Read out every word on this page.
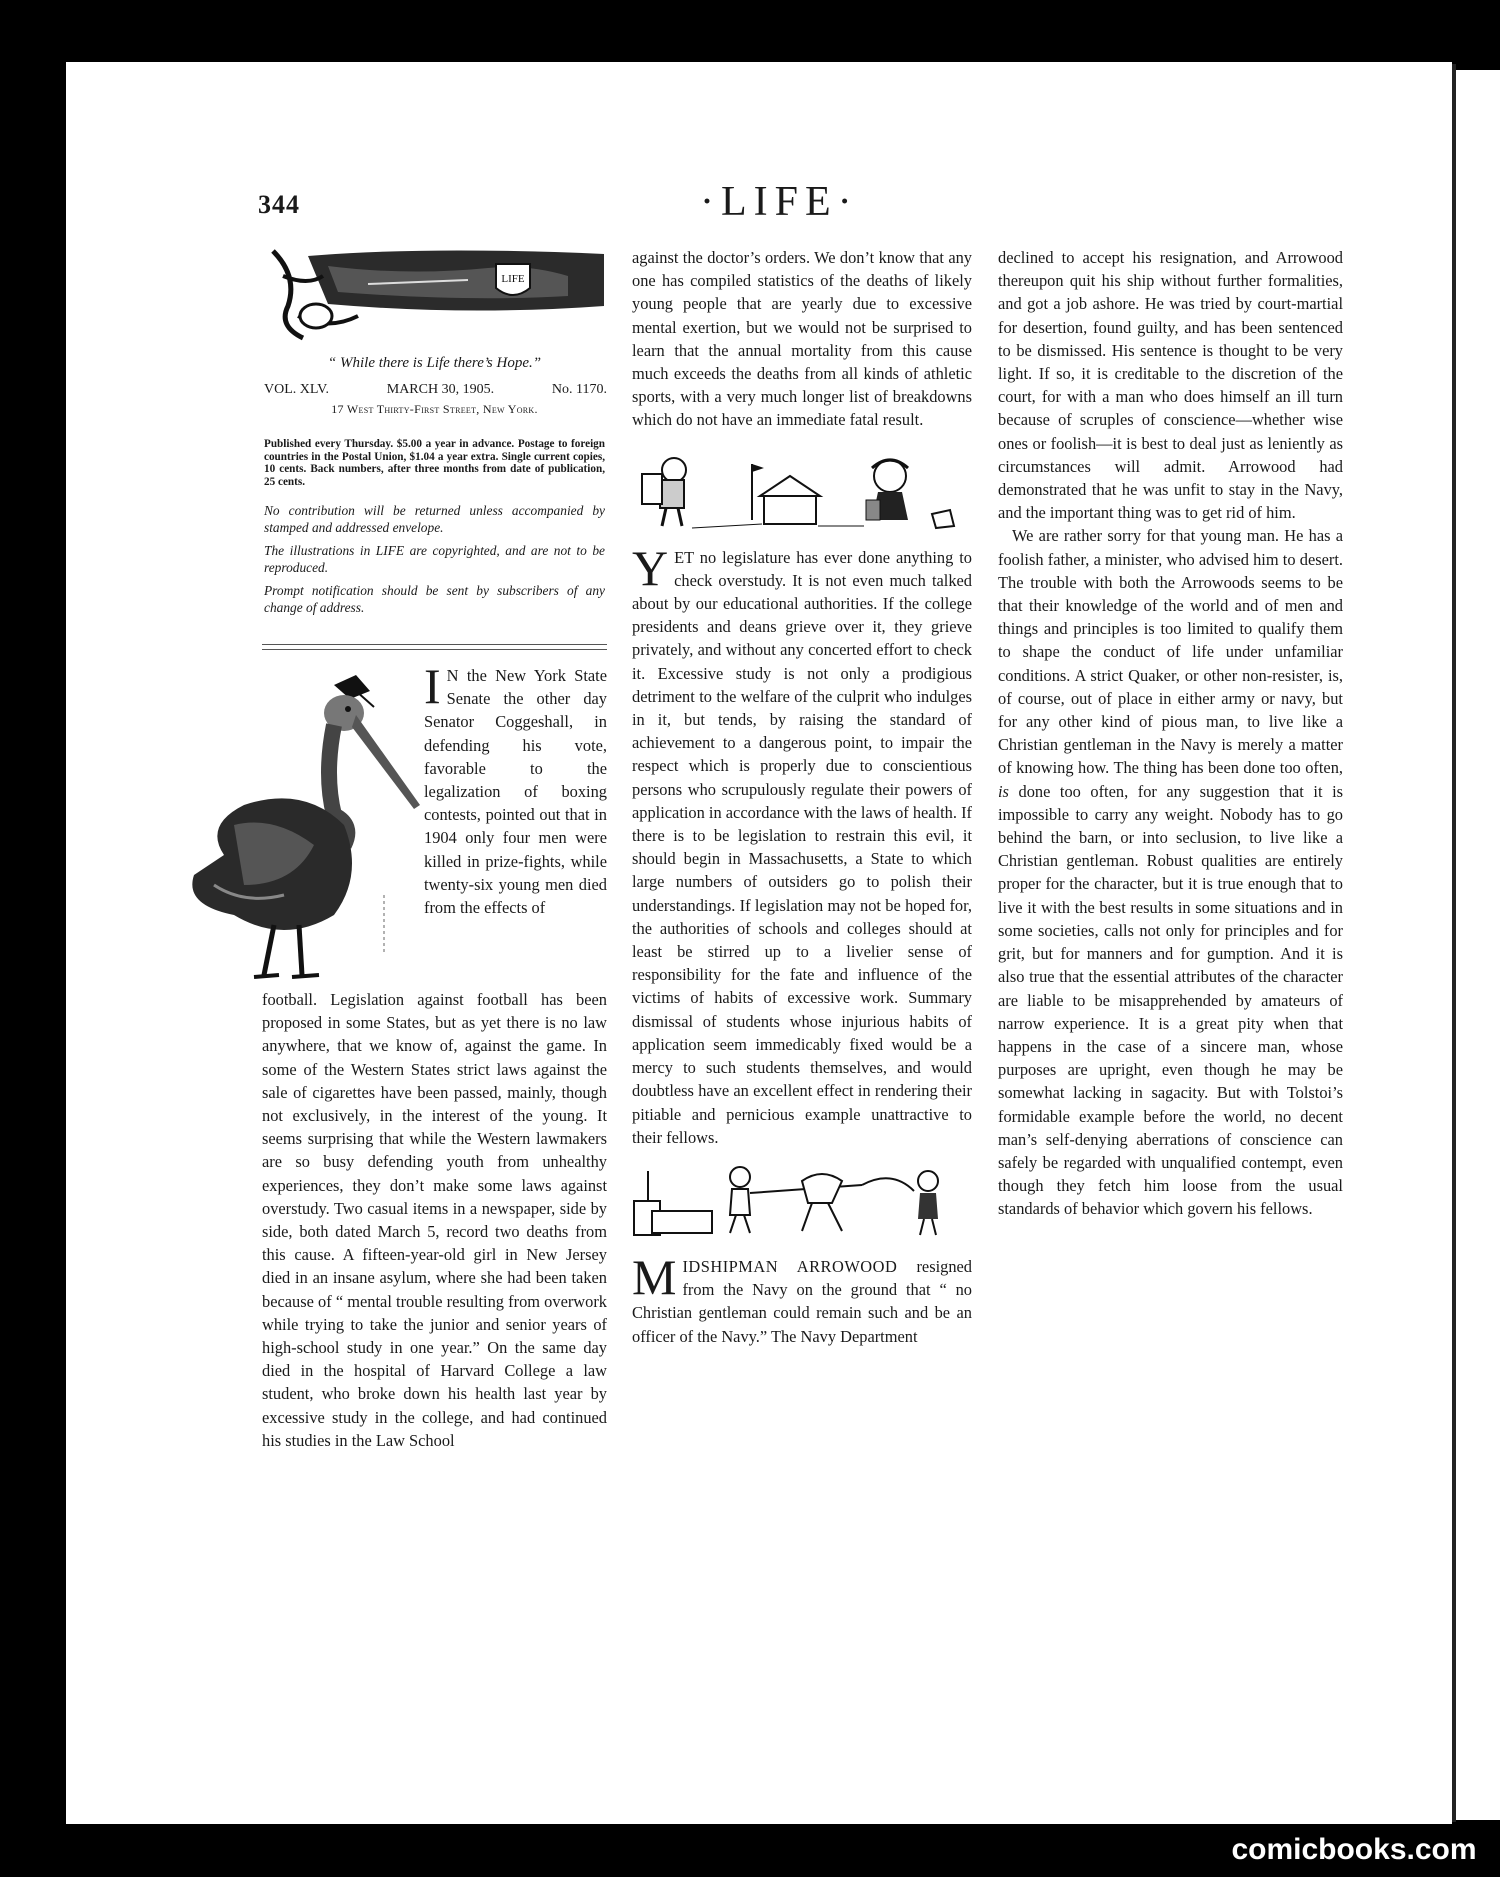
344	·LIFE·
LIFE
“ While there is Life there’s Hope.”
VOL. XLV.	MARCH 30, 1905.	No. 1170.
17 West Thirty-First Street, New York.
Published every Thursday. $5.00 a year in advance. Postage to foreign countries in the Postal Union, $1.04 a year extra. Single current copies, 10 cents. Back numbers, after three months from date of publication, 25 cents.

No contribution will be returned unless accompanied by stamped and addressed envelope.

The illustrations in LIFE are copyrighted, and are not to be reproduced.

Prompt notification should be sent by subscribers of any change of address.

I N the New York State Senate the other day Senator Coggeshall, in defending his vote, favorable to the legalization of boxing contests, pointed out that in 1904 only four men were killed in prize-fights, while twenty-six young men died from the effects of

football. Legislation against football has been proposed in some States, but as yet there is no law anywhere, that we know of, against the game. In some of the Western States strict laws against the sale of cigarettes have been passed, mainly, though not exclusively, in the interest of the young. It seems surprising that while the Western lawmakers are so busy defending youth from unhealthy experiences, they don’t make some laws against overstudy. Two casual items in a newspaper, side by side, both dated March 5, record two deaths from this cause. A fifteen-year-old girl in New Jersey died in an insane asylum, where she had been taken because of “ mental trouble resulting from overwork while trying to take the junior and senior years of high-school study in one year.” On the same day died in the hospital of Harvard College a law student, who broke down his health last year by excessive study in the college, and had continued his studies in the Law School

against the doctor’s orders. We don’t know that any one has compiled statistics of the deaths of likely young people that are yearly due to excessive mental exertion, but we would not be surprised to learn that the annual mortality from this cause much exceeds the deaths from all kinds of athletic sports, with a very much longer list of breakdowns which do not have an immediate fatal result.

YET no legislature has ever done anything to check overstudy. It is not even much talked about by our educational authorities. If the college presidents and deans grieve over it, they grieve privately, and without any concerted effort to check it. Excessive study is not only a prodigious detriment to the welfare of the culprit who indulges in it, but tends, by raising the standard of achievement to a dangerous point, to impair the respect which is properly due to conscientious persons who scrupulously regulate their powers of application in accordance with the laws of health. If there is to be legislation to restrain this evil, it should begin in Massachusetts, a State to which large numbers of outsiders go to polish their understandings. If legislation may not be hoped for, the authorities of schools and colleges should at least be stirred up to a livelier sense of responsibility for the fate and influence of the victims of habits of excessive work. Summary dismissal of students whose injurious habits of application seem immedicably fixed would be a mercy to such students themselves, and would doubtless have an excellent effect in rendering their pitiable and pernicious example unattractive to their fellows.

MIDSHIPMAN ARROWOOD resigned from the Navy on the ground that “ no Christian gentleman could remain such and be an officer of the Navy.” The Navy Department

declined to accept his resignation, and Arrowood thereupon quit his ship without further formalities, and got a job ashore. He was tried by court-martial for desertion, found guilty, and has been sentenced to be dismissed. His sentence is thought to be very light. If so, it is creditable to the discretion of the court, for with a man who does himself an ill turn because of scruples of conscience—whether wise ones or foolish—it is best to deal just as leniently as circumstances will admit. Arrowood had demonstrated that he was unfit to stay in the Navy, and the important thing was to get rid of him.

We are rather sorry for that young man. He has a foolish father, a minister, who advised him to desert. The trouble with both the Arrowoods seems to be that their knowledge of the world and of men and things and principles is too limited to qualify them to shape the conduct of life under unfamiliar conditions. A strict Quaker, or other non-resister, is, of course, out of place in either army or navy, but for any other kind of pious man, to live like a Christian gentleman in the Navy is merely a matter of knowing how. The thing has been done too often, is done too often, for any suggestion that it is impossible to carry any weight. Nobody has to go behind the barn, or into seclusion, to live like a Christian gentleman. Robust qualities are entirely proper for the character, but it is true enough that to live it with the best results in some situations and in some societies, calls not only for principles and for grit, but for manners and for gumption. And it is also true that the essential attributes of the character are liable to be misapprehended by amateurs of narrow experience. It is a great pity when that happens in the case of a sincere man, whose purposes are upright, even though he may be somewhat lacking in sagacity. But with Tolstoi’s formidable example before the world, no decent man’s self-denying aberrations of conscience can safely be regarded with unqualified contempt, even though they fetch him loose from the usual standards of behavior which govern his fellows.

comicbooks.com
